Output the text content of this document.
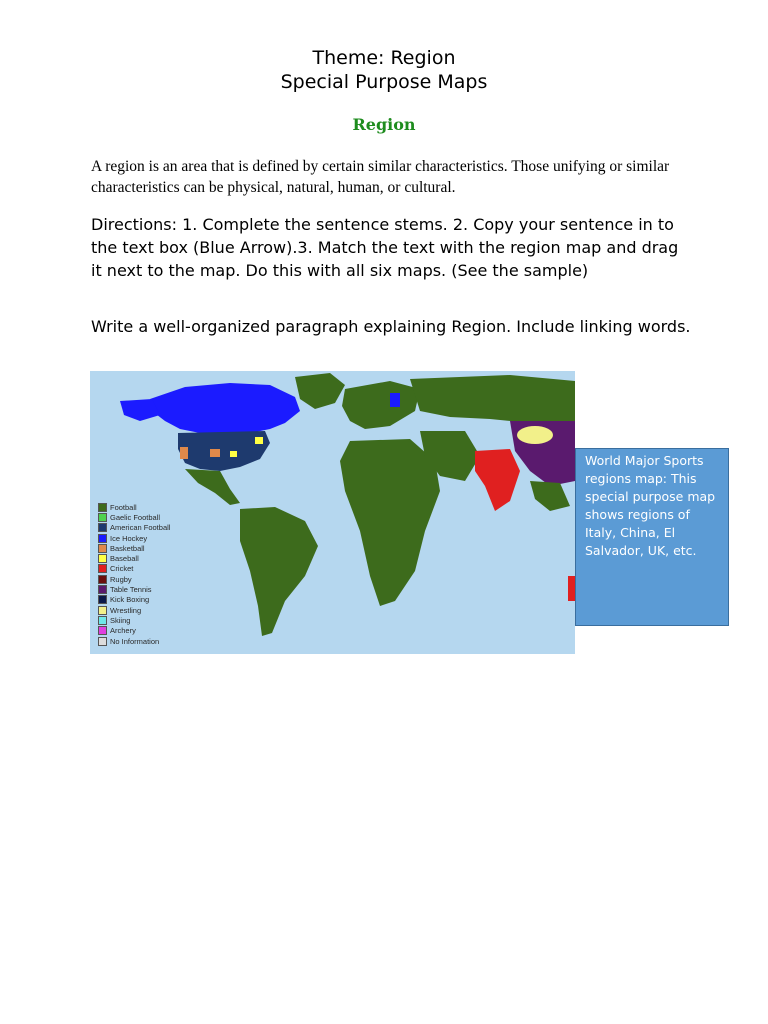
Theme: Region
Special Purpose Maps
Region
A region is an area that is defined by certain similar characteristics. Those unifying or similar characteristics can be physical, natural, human, or cultural.
Directions: 1. Complete the sentence stems. 2. Copy your sentence in to the text box (Blue Arrow).3. Match the text with the region map and drag it next to the map. Do this with all six maps. (See the sample)
Write a well-organized paragraph explaining Region. Include linking words.
Football
Gaelic Football
American Football
Ice Hockey
Basketball
Baseball
Cricket
Rugby
Table Tennis
Kick Boxing
Wrestling
Skiing
Archery
No Information
World Major Sports regions map: This special purpose map shows regions of Italy, China, El Salvador, UK, etc.
